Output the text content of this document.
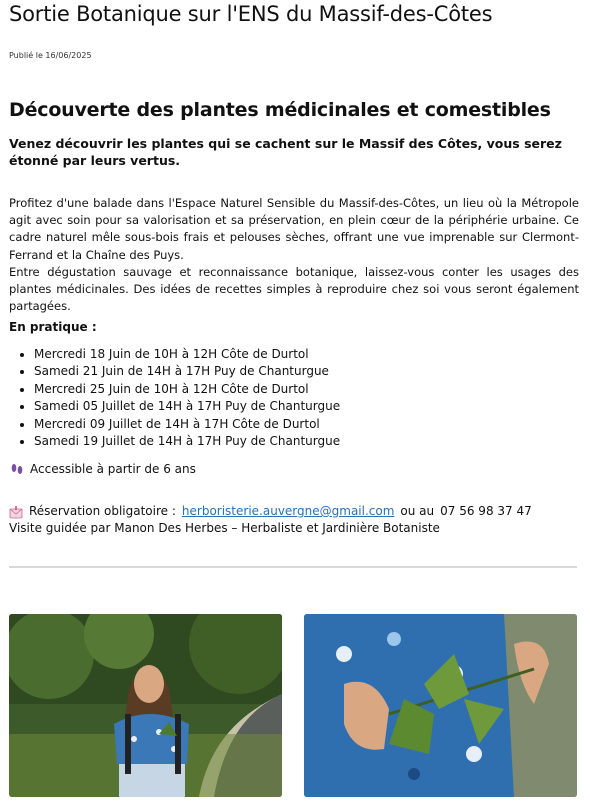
Sortie Botanique sur l'ENS du Massif-des-Côtes
Publié le 16/06/2025
Découverte des plantes médicinales et comestibles
Venez découvrir les plantes qui se cachent sur le Massif des Côtes, vous serez étonné par leurs vertus.

Profitez d'une balade dans l'Espace Naturel Sensible du Massif-des-Côtes, un lieu où la Métropole agit avec soin pour sa valorisation et sa préservation, en plein cœur de la périphérie urbaine. Ce cadre naturel mêle sous-bois frais et pelouses sèches, offrant une vue imprenable sur Clermont-Ferrand et la Chaîne des Puys.

Entre dégustation sauvage et reconnaissance botanique, laissez-vous conter les usages des plantes médicinales. Des idées de recettes simples à reproduire chez soi vous seront également partagées.

En pratique :
• Mercredi 18 Juin de 10H à 12H Côte de Durtol
• Samedi 21 Juin de 14H à 17H Puy de Chanturgue
• Mercredi 25 Juin de 10H à 12H Côte de Durtol
• Samedi 05 Juillet de 14H à 17H Puy de Chanturgue
• Mercredi 09 Juillet de 14H à 17H Côte de Durtol
• Samedi 19 Juillet de 14H à 17H Puy de Chanturgue
Accessible à partir de 6 ans
Réservation obligatoire : herboristerie.auvergne@gmail.com ou au 07 56 98 37 47
Visite guidée par Manon Des Herbes – Herbaliste et Jardinière Botaniste
